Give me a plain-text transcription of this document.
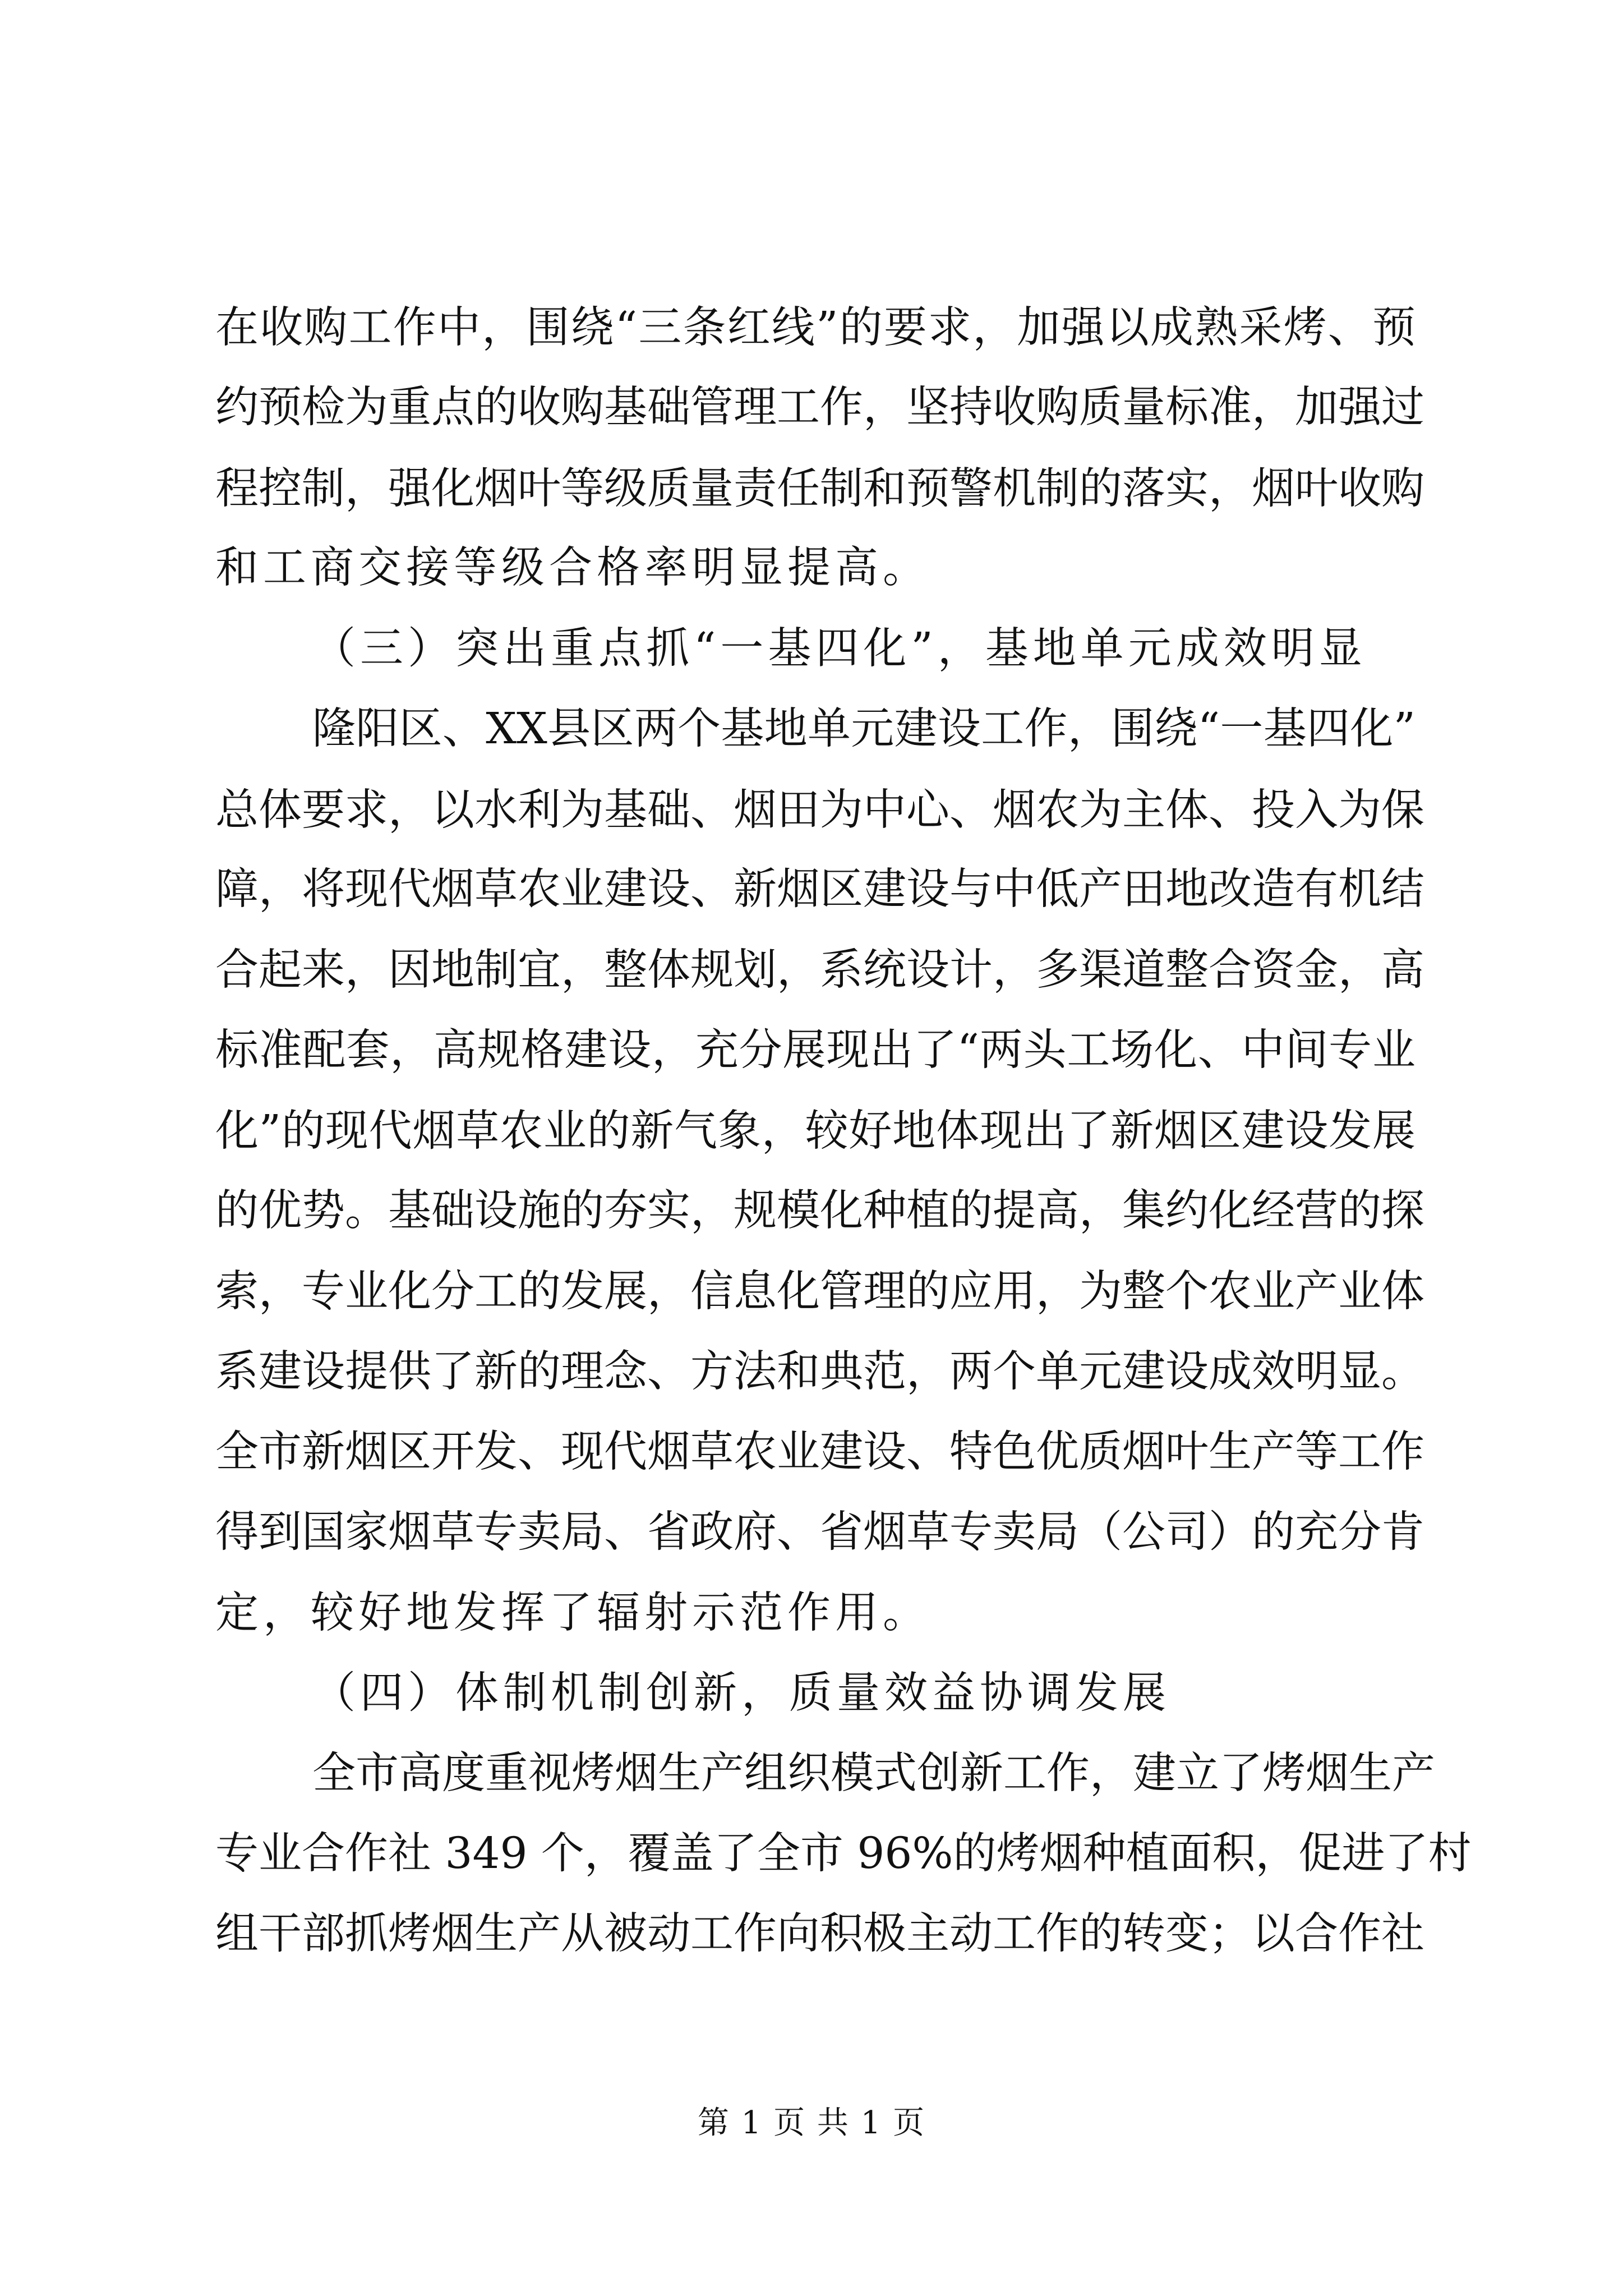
在收购工作中，围绕“三条红线”的要求，加强以成熟采烤、预
约预检为重点的收购基础管理工作，坚持收购质量标准，加强过
程控制，强化烟叶等级质量责任制和预警机制的落实，烟叶收购
和工商交接等级合格率明显提高。
（三）突出重点抓“一基四化”，基地单元成效明显
隆阳区、XX县区两个基地单元建设工作，围绕“一基四化”
总体要求，以水利为基础、烟田为中心、烟农为主体、投入为保
障，将现代烟草农业建设、新烟区建设与中低产田地改造有机结
合起来，因地制宜，整体规划，系统设计，多渠道整合资金，高
标准配套，高规格建设，充分展现出了“两头工场化、中间专业
化”的现代烟草农业的新气象，较好地体现出了新烟区建设发展
的优势。基础设施的夯实，规模化种植的提高，集约化经营的探
索，专业化分工的发展，信息化管理的应用，为整个农业产业体
系建设提供了新的理念、方法和典范，两个单元建设成效明显。
全市新烟区开发、现代烟草农业建设、特色优质烟叶生产等工作
得到国家烟草专卖局、省政府、省烟草专卖局（公司）的充分肯
定，较好地发挥了辐射示范作用。
（四）体制机制创新，质量效益协调发展
全市高度重视烤烟生产组织模式创新工作，建立了烤烟生产
专业合作社 349 个，覆盖了全市 96%的烤烟种植面积，促进了村
组干部抓烤烟生产从被动工作向积极主动工作的转变；以合作社
第 1 页 共 1 页
